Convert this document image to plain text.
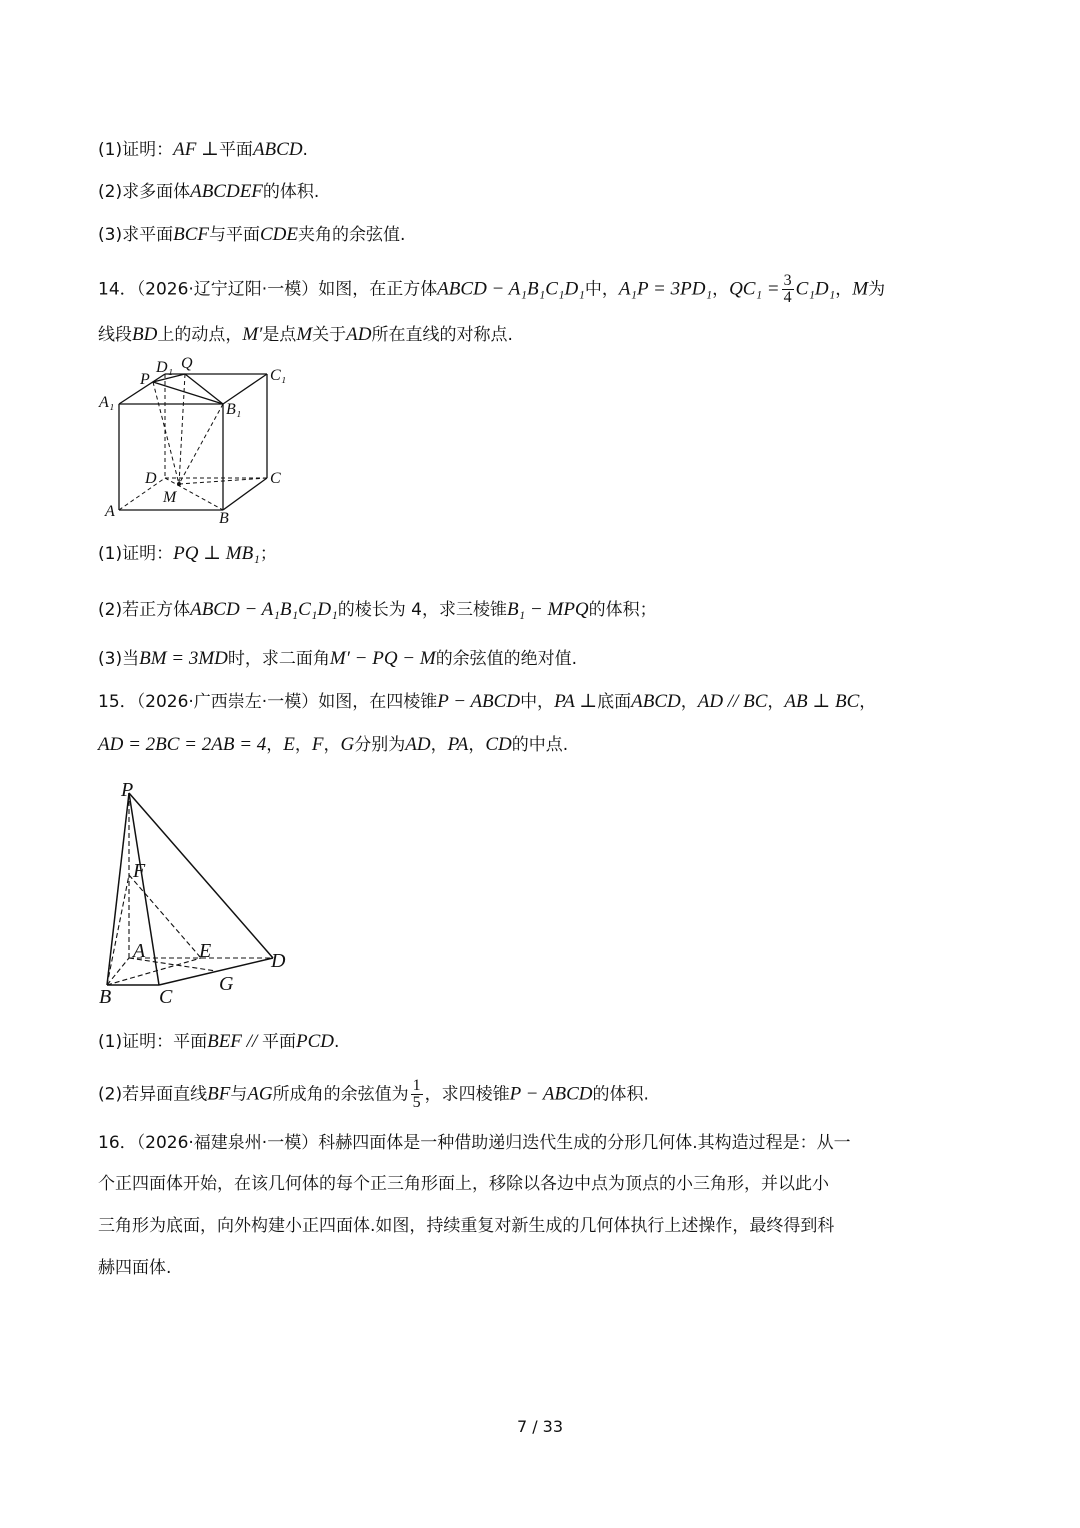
(1)证明：AF ⊥平面ABCD.
(2)求多面体ABCDEF的体积.
(3)求平面BCF与平面CDE夹角的余弦值.
14．（2026·辽宁辽阳·一模）如图，在正方体ABCD − A₁B₁C₁D₁中，A₁P = 3PD₁，$QC_1 = \frac{3}{4} C_1D_1$，M为
线段BD上的动点，M′是点M关于AD所在直线的对称点.
P
D₁ Q
C₁
A₁	B₁
D
M
C
A	B
(1)证明：PQ ⊥ MB₁；
(2)若正方体ABCD − A₁B₁C₁D₁的棱长为 4，求三棱锥B₁ − MPQ的体积；
(3)当BM = 3MD时，求二面角M′ − PQ − M的余弦值的绝对值.
15．（2026·广西崇左·一模）如图，在四棱锥P − ABCD中，PA ⊥底面ABCD，AD // BC，AB ⊥ BC，
AD = 2BC = 2AB = 4，E，F，G分别为AD，PA，CD的中点.
P
F
A	E	D
B C
G
(1)证明：平面BEF // 平面PCD.
(2)若异面直线BF与AG所成角的余弦值为 $\frac{1}{5}$ ，求四棱锥P − ABCD的体积.
16．（2026·福建泉州·一模）科赫四面体是一种借助递归迭代生成的分形几何体.其构造过程是：从一
个正四面体开始，在该几何体的每个正三角形面上，移除以各边中点为顶点的小三角形，并以此小
三角形为底面，向外构建小正四面体.如图，持续重复对新生成的几何体执行上述操作，最终得到科
赫四面体.
7 / 33
